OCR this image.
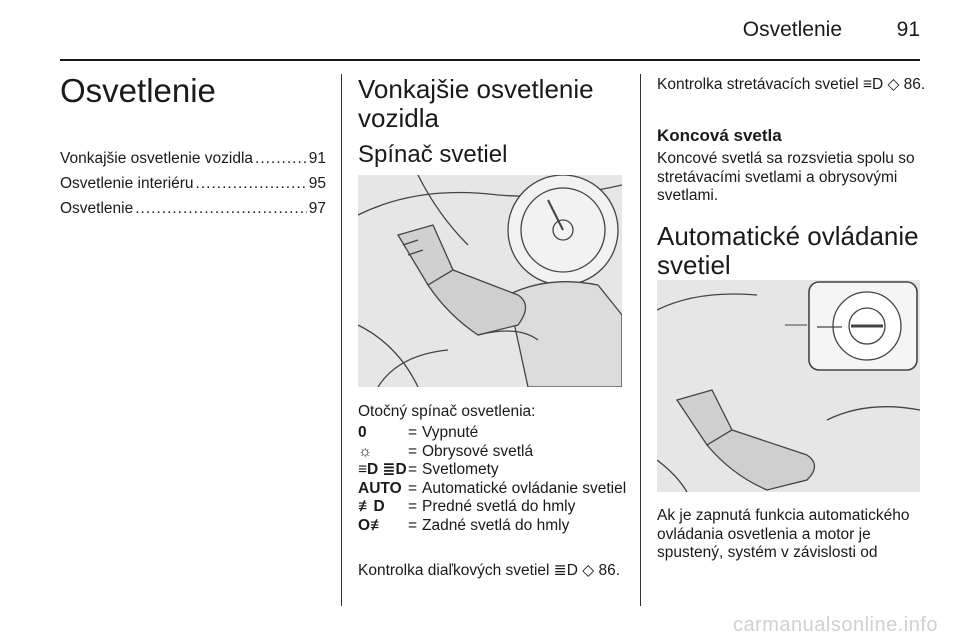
Osvetlenie	91
Osvetlenie
Vonkajšie osvetlenie vozidla .....	91
Osvetlenie interiéru .....	95
Osvetlenie .....	97
Vonkajšie osvetlenie vozidla
Spínač svetiel
Otočný spínač osvetlenia:
0	= Vypnuté
☼	= Obrysové svetlá
≡D ≣D = Svetlomety
AUTO = Automatické ovládanie svetiel
≢D	= Predné svetlá do hmly
O≢	= Zadné svetlá do hmly
Kontrolka diaľkových svetiel ≣D ◇ 86.
Kontrolka stretávacích svetiel ≡D ◇ 86.
Koncová svetla
Koncové svetlá sa rozsvietia spolu so stretávacími svetlami a obrysovými svetlami.
Automatické ovládanie svetiel
Ak je zapnutá funkcia automatického ovládania osvetlenia a motor je spustený, systém v závislosti od
carmanualsonline.info
